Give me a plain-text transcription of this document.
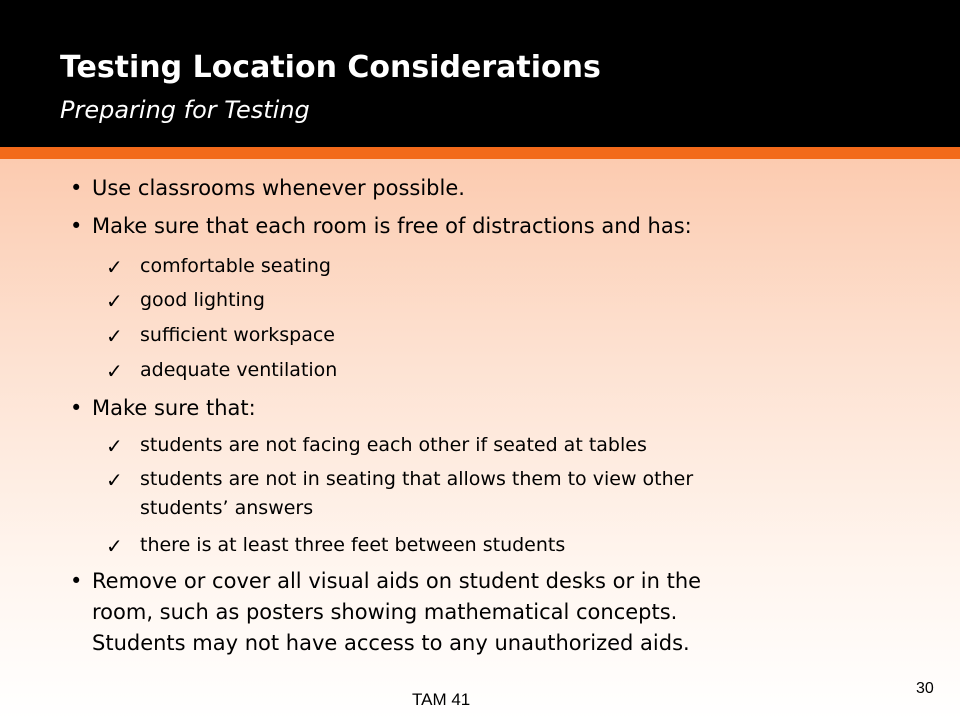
Testing Location Considerations
Preparing for Testing
• Use classrooms whenever possible.
• Make sure that each room is free of distractions and has:
✓ comfortable seating
✓ good lighting
✓ sufficient workspace
✓ adequate ventilation
• Make sure that:
✓ students are not facing each other if seated at tables
✓ students are not in seating that allows them to view other
students’ answers
✓ there is at least three feet between students
• Remove or cover all visual aids on student desks or in the
room, such as posters showing mathematical concepts.
Students may not have access to any unauthorized aids.
TAM 41
30
